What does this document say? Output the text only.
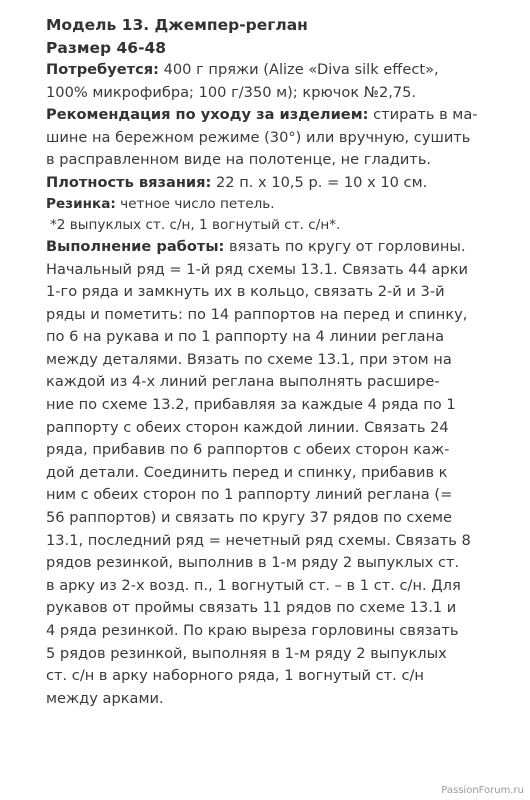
Модель 13. Джемпер-реглан
Размер 46-48
Потребуется: 400 г пряжи (Alize «Diva silk effect»,
100% микрофибра; 100 г/350 м); крючок №2,75.
Рекомендация по уходу за изделием: стирать в ма-
шине на бережном режиме (30°) или вручную, сушить
в расправленном виде на полотенце, не гладить.
Плотность вязания: 22 п. х 10,5 р. = 10 х 10 см.
Резинка: четное число петель.
*2 выпуклых ст. с/н, 1 вогнутый ст. с/н*.
Выполнение работы: вязать по кругу от горловины.
Начальный ряд = 1-й ряд схемы 13.1. Связать 44 арки
1-го ряда и замкнуть их в кольцо, связать 2-й и 3-й
ряды и пометить: по 14 раппортов на перед и спинку,
по 6 на рукава и по 1 раппорту на 4 линии реглана
между деталями. Вязать по схеме 13.1, при этом на
каждой из 4-х линий реглана выполнять расшире-
ние по схеме 13.2, прибавляя за каждые 4 ряда по 1
раппорту с обеих сторон каждой линии. Связать 24
ряда, прибавив по 6 раппортов с обеих сторон каж-
дой детали. Соединить перед и спинку, прибавив к
ним с обеих сторон по 1 раппорту линий реглана (=
56 раппортов) и связать по кругу 37 рядов по схеме
13.1, последний ряд = нечетный ряд схемы. Связать 8
рядов резинкой, выполнив в 1-м ряду 2 выпуклых ст.
в арку из 2-х возд. п., 1 вогнутый ст. – в 1 ст. с/н. Для
рукавов от проймы связать 11 рядов по схеме 13.1 и
4 ряда резинкой. По краю выреза горловины связать
5 рядов резинкой, выполняя в 1-м ряду 2 выпуклых
ст. с/н в арку наборного ряда, 1 вогнутый ст. с/н
между арками.
PassionForum.ru
